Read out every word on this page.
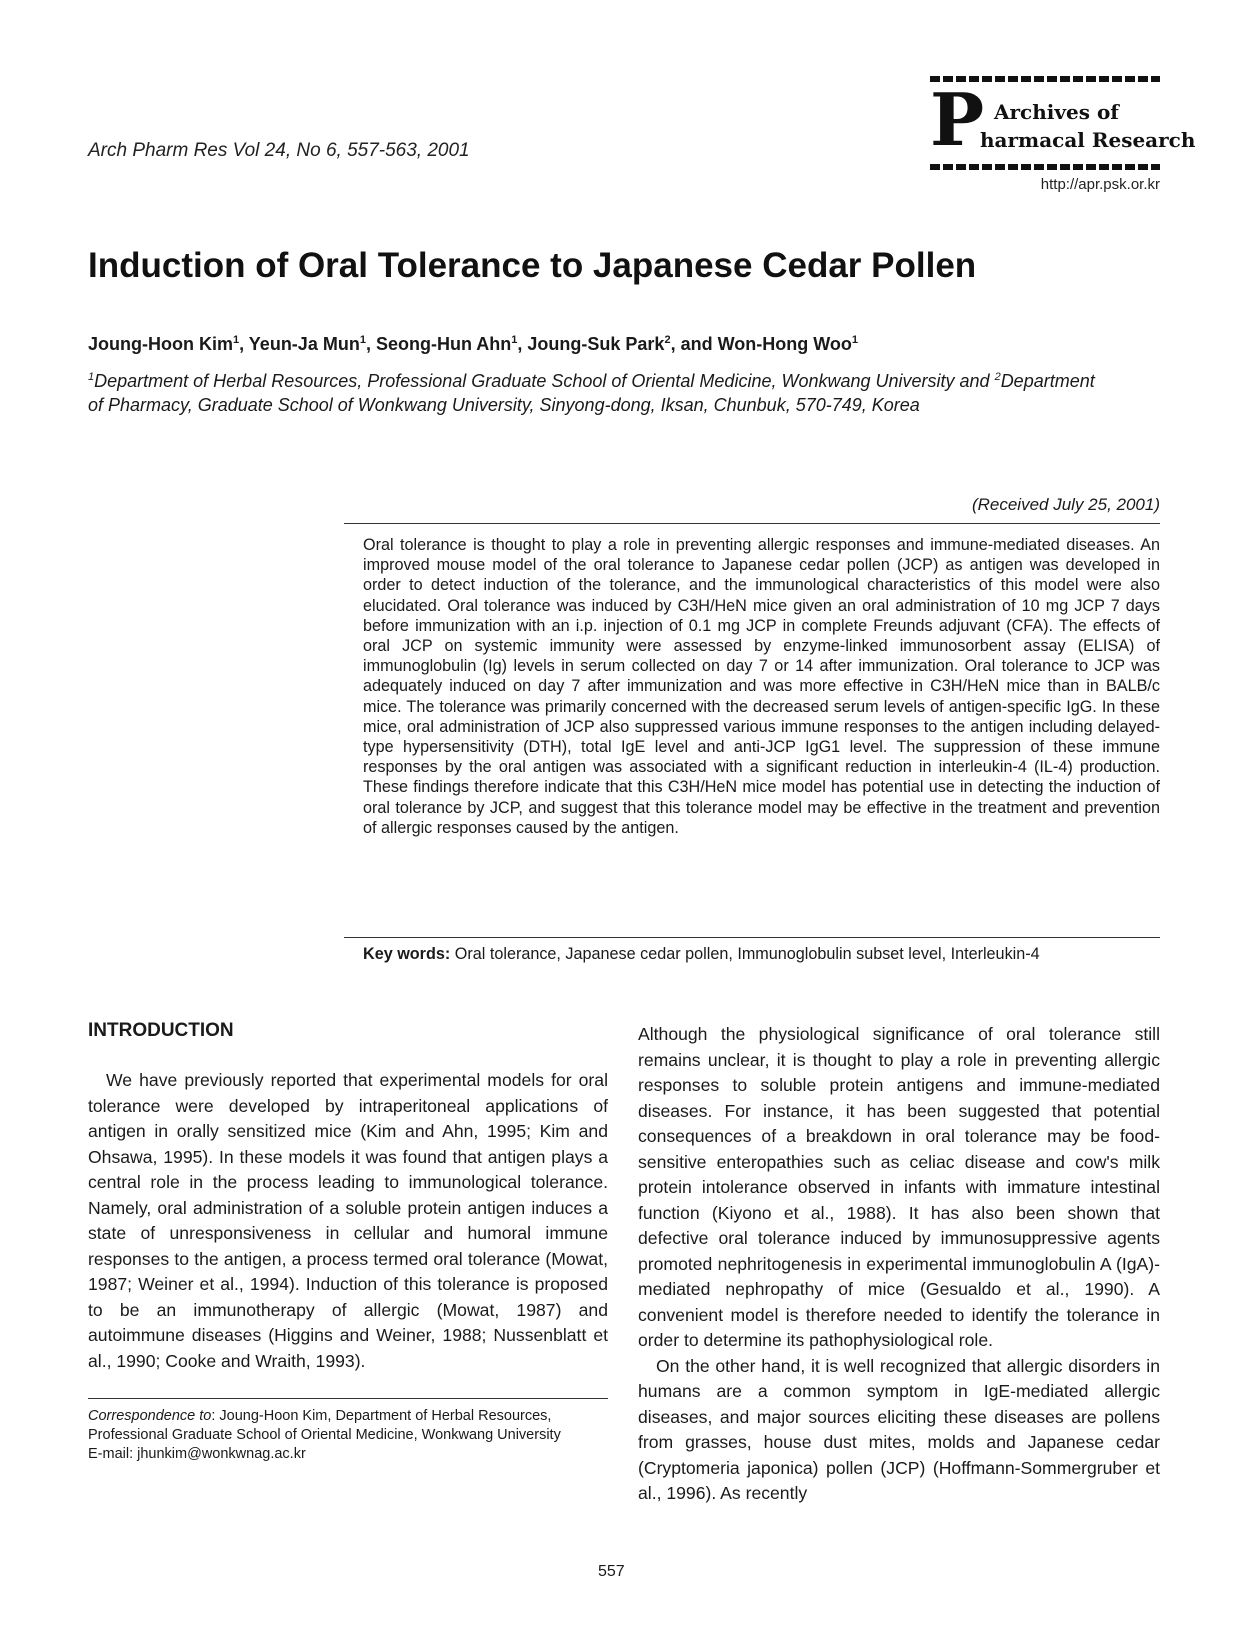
Arch Pharm Res Vol 24, No 6, 557-563, 2001	P Archives of
harmacal Research
http://apr.psk.or.kr
Induction of Oral Tolerance to Japanese Cedar Pollen
Joung-Hoon Kim$^1$, Yeun-Ja Mun$^1$, Seong-Hun Ahn$^1$, Joung-Suk Park$^2$, and Won-Hong Woo$^1$
$^1$Department of Herbal Resources, Professional Graduate School of Oriental Medicine, Wonkwang University and $^2$Department of Pharmacy, Graduate School of Wonkwang University, Sinyong-dong, Iksan, Chunbuk, 570-749, Korea
(Received July 25, 2001)
Oral tolerance is thought to play a role in preventing allergic responses and immune-mediated diseases. An improved mouse model of the oral tolerance to Japanese cedar pollen (JCP) as antigen was developed in order to detect induction of the tolerance, and the immunological characteristics of this model were also elucidated. Oral tolerance was induced by C3H/HeN mice given an oral administration of 10 mg JCP 7 days before immunization with an i.p. injection of 0.1 mg JCP in complete Freunds adjuvant (CFA). The effects of oral JCP on systemic immunity were assessed by enzyme-linked immunosorbent assay (ELISA) of immunoglobulin (Ig) levels in serum collected on day 7 or 14 after immunization. Oral tolerance to JCP was adequately induced on day 7 after immunization and was more effective in C3H/HeN mice than in BALB/c mice. The tolerance was primarily concerned with the decreased serum levels of antigen-specific IgG. In these mice, oral administration of JCP also suppressed various immune responses to the antigen including delayed-type hypersensitivity (DTH), total IgE level and anti-JCP IgG1 level. The suppression of these immune responses by the oral antigen was associated with a significant reduction in interleukin-4 (IL-4) production. These findings therefore indicate that this C3H/HeN mice model has potential use in detecting the induction of oral tolerance by JCP, and suggest that this tolerance model may be effective in the treatment and prevention of allergic responses caused by the antigen.
Key words: Oral tolerance, Japanese cedar pollen, Immunoglobulin subset level, Interleukin-4
INTRODUCTION

We have previously reported that experimental models for oral tolerance were developed by intraperitoneal applications of antigen in orally sensitized mice (Kim and Ahn, 1995; Kim and Ohsawa, 1995). In these models it was found that antigen plays a central role in the process leading to immunological tolerance. Namely, oral administration of a soluble protein antigen induces a state of unresponsiveness in cellular and humoral immune responses to the antigen, a process termed oral tolerance (Mowat, 1987; Weiner et al., 1994). Induction of this tolerance is proposed to be an immunotherapy of allergic (Mowat, 1987) and autoimmune diseases (Higgins and Weiner, 1988; Nussenblatt et al., 1990; Cooke and Wraith, 1993).

Although the physiological significance of oral tolerance still remains unclear, it is thought to play a role in preventing allergic responses to soluble protein antigens and immune-mediated diseases. For instance, it has been suggested that potential consequences of a breakdown in oral tolerance may be food-sensitive enteropathies such as celiac disease and cow's milk protein intolerance observed in infants with immature intestinal function (Kiyono et al., 1988). It has also been shown that defective oral tolerance induced by immunosuppressive agents promoted nephritogenesis in experimental immunoglobulin A (IgA)-mediated nephropathy of mice (Gesualdo et al., 1990). A convenient model is therefore needed to identify the tolerance in order to determine its pathophysiological role.

On the other hand, it is well recognized that allergic disorders in humans are a common symptom in IgE-mediated allergic diseases, and major sources eliciting these diseases are pollens from grasses, house dust mites, molds and Japanese cedar (Cryptomeria japonica) pollen (JCP) (Hoffmann-Sommergruber et al., 1996). As recently

Correspondence to: Joung-Hoon Kim, Department of Herbal Resources, Professional Graduate School of Oriental Medicine, Wonkwang University
E-mail: jhunkim@wonkwnag.ac.kr
557
